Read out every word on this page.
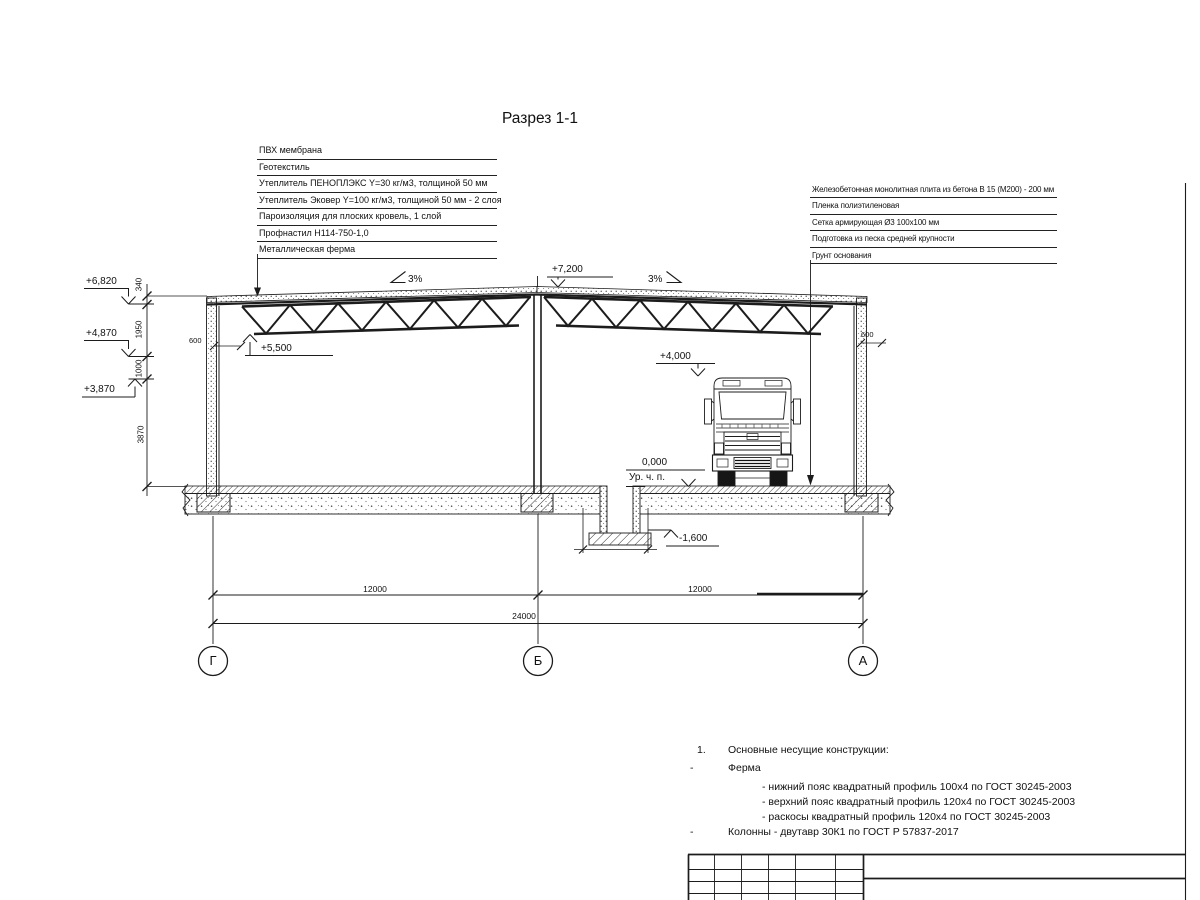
Разрез 1-1
ПВХ мембрана
Геотекстиль
Утеплитель ПЕНОПЛЭКС Y=30 кг/м3, толщиной 50 мм
Утеплитель Эковер Y=100 кг/м3, толщиной 50 мм - 2 слоя
Пароизоляция для плоских кровель, 1 слой
Профнастил Н114-750-1,0
Металлическая ферма
Железобетонная монолитная плита из бетона В 15 (М200) - 200 мм
Пленка полиэтиленовая
Сетка армирующая Ø3 100х100 мм
Подготовка из песка средней крупности
Грунт основания
+6,820
+4,870
+3,870
+7,200
+5,500
+4,000
0,000
Ур. ч. п.
-1,600
3%	3%
340
1950
1000
3870
600
600
12000	12000
24000
Г	Б	А
1. Основные несущие конструкции:
-	Ферма
- нижний пояс квадратный профиль 100х4 по ГОСТ 30245-2003
- верхний пояс квадратный профиль 120х4 по ГОСТ 30245-2003
- раскосы квадратный профиль 120х4 по ГОСТ 30245-2003
-	Колонны - двутавр 30К1 по ГОСТ Р 57837-2017
